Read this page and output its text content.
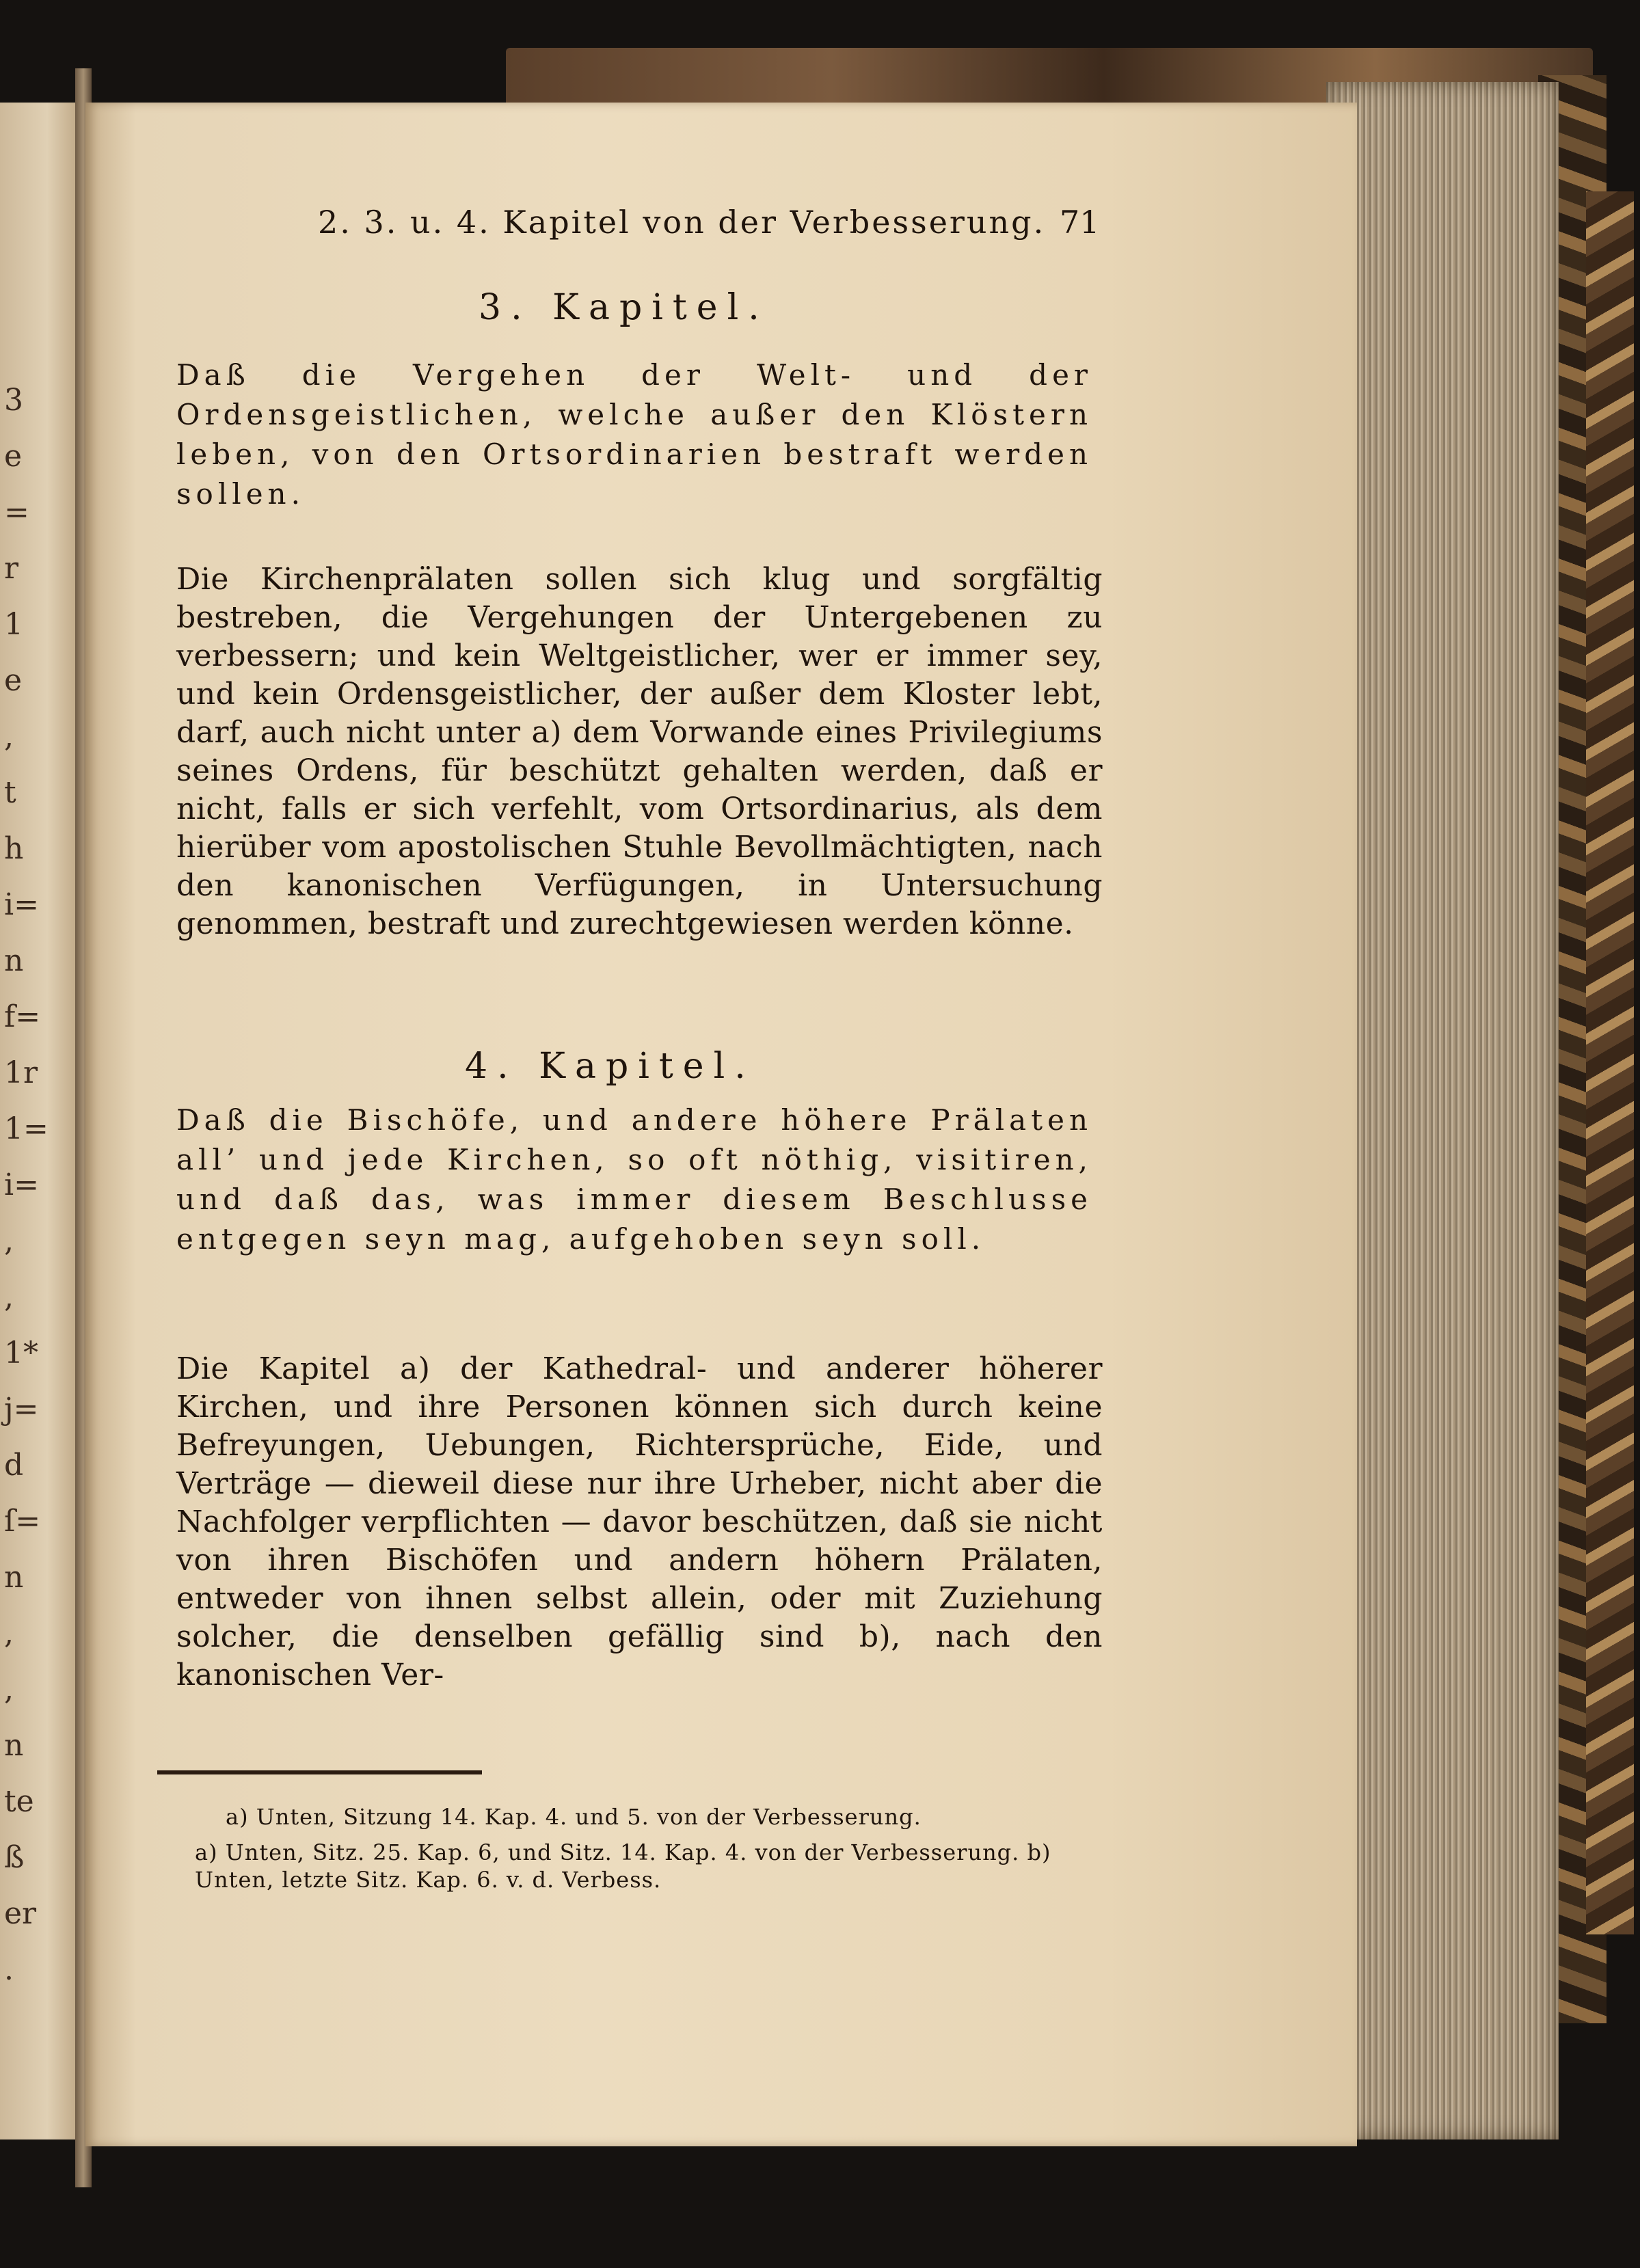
2. 3. u. 4. Kapitel von der Verbesserung. 71
3. Kapitel.
Daß die Vergehen der Welt- und der Ordensgeistlichen, welche außer den Klöstern leben, von den Ortsordinarien bestraft werden sollen.
Die Kirchenprälaten sollen sich klug und sorgfältig bestreben, die Vergehungen der Untergebenen zu verbessern; und kein Weltgeistlicher, wer er immer sey, und kein Ordensgeistlicher, der außer dem Kloster lebt, darf, auch nicht unter a) dem Vorwande eines Privilegiums seines Ordens, für beschützt gehalten werden, daß er nicht, falls er sich verfehlt, vom Ortsordinarius, als dem hierüber vom apostolischen Stuhle Bevollmächtigten, nach den kanonischen Verfügungen, in Untersuchung genommen, bestraft und zurechtgewiesen werden könne.
4. Kapitel.
Daß die Bischöfe, und andere höhere Prälaten all’ und jede Kirchen, so oft nöthig, visitiren, und daß das, was immer diesem Beschlusse entgegen seyn mag, aufgehoben seyn soll.
Die Kapitel a) der Kathedral- und anderer höherer Kirchen, und ihre Personen können sich durch keine Befreyungen, Uebungen, Richtersprüche, Eide, und Verträge — dieweil diese nur ihre Urheber, nicht aber die Nachfolger verpflichten — davor beschützen, daß sie nicht von ihren Bischöfen und andern höhern Prälaten, entweder von ihnen selbst allein, oder mit Zuziehung solcher, die denselben gefällig sind b), nach den kanonischen Ver-
a) Unten, Sitzung 14. Kap. 4. und 5. von der Verbesserung.
a) Unten, Sitz. 25. Kap. 6, und Sitz. 14. Kap. 4. von der Verbesserung. b) Unten, letzte Sitz. Kap. 6. v. d. Verbess.
3
e
=
r
1
e
,
t
h
i=
n
f=
1r
1=
i=
,
,
1*
j=
d
ſ=
n
,
,
n
te
ß
er
.
